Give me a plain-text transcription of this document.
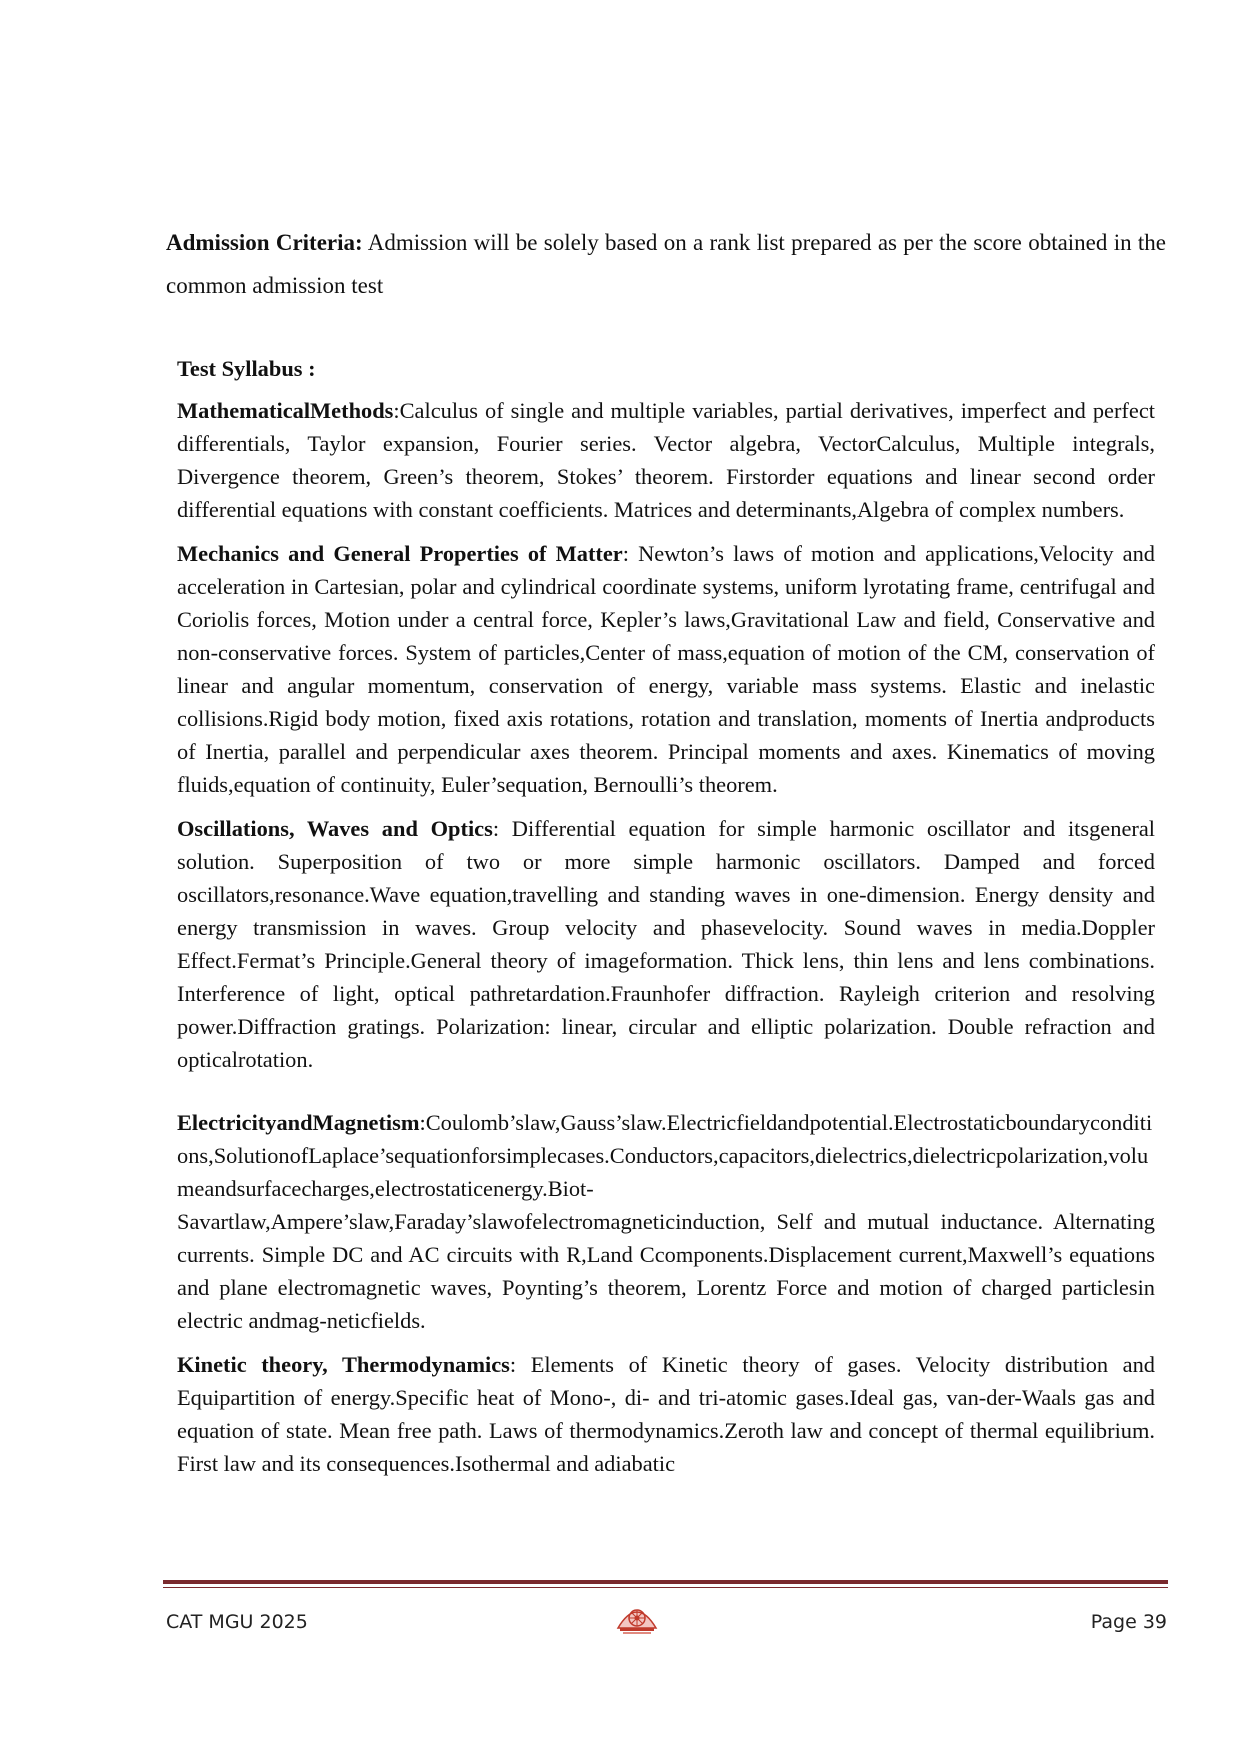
Admission Criteria: Admission will be solely based on a rank list prepared as per the score obtained in the common admission test
Test Syllabus :

MathematicalMethods:Calculus of single and multiple variables, partial derivatives, imperfect and perfect differentials, Taylor expansion, Fourier series. Vector algebra, VectorCalculus, Multiple integrals, Divergence theorem, Green’s theorem, Stokes’ theorem. Firstorder equations and linear second order differential equations with constant coefficients. Matrices and determinants,Algebra of complex numbers.

Mechanics and General Properties of Matter: Newton’s laws of motion and applications,Velocity and acceleration in Cartesian, polar and cylindrical coordinate systems, uniform lyrotating frame, centrifugal and Coriolis forces, Motion under a central force, Kepler’s laws,Gravitational Law and field, Conservative and non-conservative forces. System of particles,Center of mass,equation of motion of the CM, conservation of linear and angular momentum, conservation of energy, variable mass systems. Elastic and inelastic collisions.Rigid body motion, fixed axis rotations, rotation and translation, moments of Inertia andproducts of Inertia, parallel and perpendicular axes theorem. Principal moments and axes. Kinematics of moving fluids,equation of continuity, Euler’sequation, Bernoulli’s theorem.

Oscillations, Waves and Optics: Differential equation for simple harmonic oscillator and itsgeneral solution. Superposition of two or more simple harmonic oscillators. Damped and forced oscillators,resonance.Wave equation,travelling and standing waves in one-dimension. Energy density and energy transmission in waves. Group velocity and phasevelocity. Sound waves in media.Doppler Effect.Fermat’s Principle.General theory of imageformation. Thick lens, thin lens and lens combinations. Interference of light, optical pathretardation.Fraunhofer diffraction. Rayleigh criterion and resolving power.Diffraction gratings. Polarization: linear, circular and elliptic polarization. Double refraction and opticalrotation.

ElectricityandMagnetism:Coulomb’slaw,Gauss’slaw.Electricfieldandpotential.Electrostaticboundaryconditions,SolutionofLaplace’sequationforsimplecases.Conductors,capacitors,dielectrics,dielectricpolarization,volumeandsurfacecharges,electrostaticenergy.Biot-

Savartlaw,Ampere’slaw,Faraday’slawofelectromagneticinduction, Self and mutual inductance. Alternating currents. Simple DC and AC circuits with R,Land Ccomponents.Displacement current,Maxwell’s equations and plane electromagnetic waves, Poynting’s theorem, Lorentz Force and motion of charged particlesin electric andmag-neticfields.

Kinetic theory, Thermodynamics: Elements of Kinetic theory of gases. Velocity distribution and Equipartition of energy.Specific heat of Mono-, di- and tri-atomic gases.Ideal gas, van-der-Waals gas and equation of state. Mean free path. Laws of thermodynamics.Zeroth law and concept of thermal equilibrium. First law and its consequences.Isothermal and adiabatic

CAT MGU 2025	Page 39
